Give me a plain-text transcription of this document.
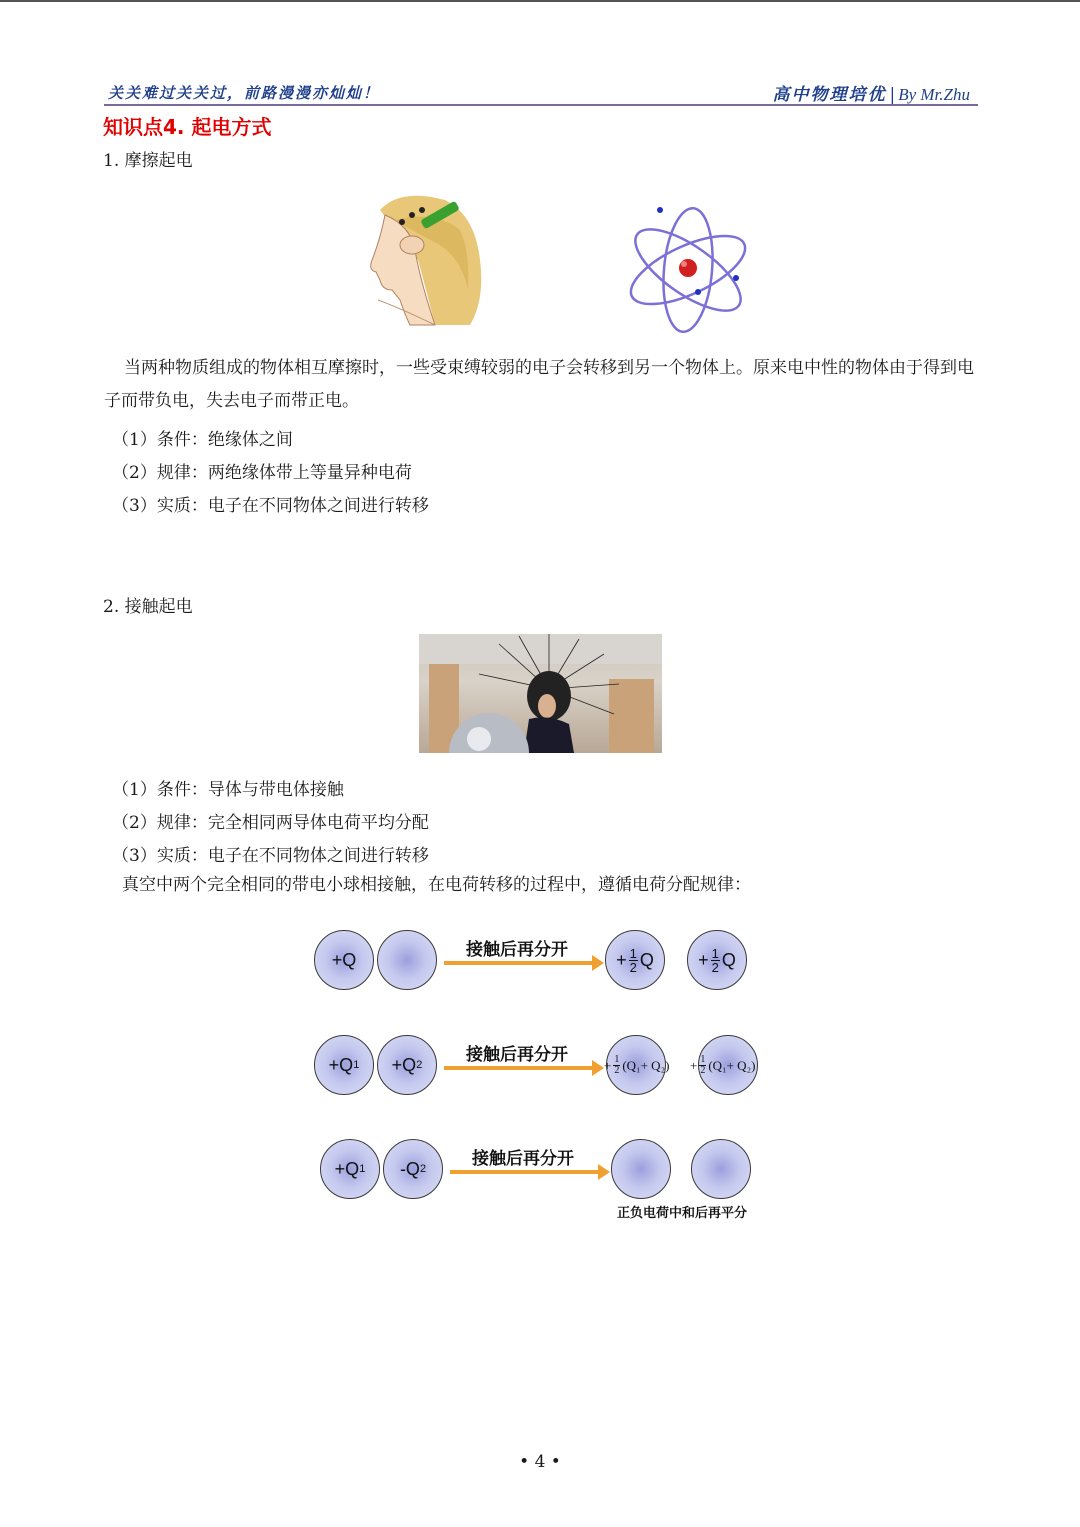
关关难过关关过，前路漫漫亦灿灿！	高中物理培优 | By Mr.Zhu
知识点4. 起电方式
1. 摩擦起电
当两种物质组成的物体相互摩擦时，一些受束缚较弱的电子会转移到另一个物体上。原来电中性的物体由于得到电子而带负电，失去电子而带正电。
（1）条件：绝缘体之间
（2）规律：两绝缘体带上等量异种电荷
（3）实质：电子在不同物体之间进行转移
2. 接触起电
（1）条件：导体与带电体接触
（2）规律：完全相同两导体电荷平均分配
（3）实质：电子在不同物体之间进行转移
真空中两个完全相同的带电小球相接触，在电荷转移的过程中，遵循电荷分配规律：
+Q	接触后再分开	+ $\frac{1}{2}$ $Q + \frac{1}{2}$ Q
+Q 1 +Q 2	接触后再分开	+ $\frac{1}{2} (Q_1+ Q_2) + \frac{1}{2} (Q_1+ Q_2)$
+Q 1 -Q 2	接触后再分开
正负电荷中和后再平分
• 4 •
